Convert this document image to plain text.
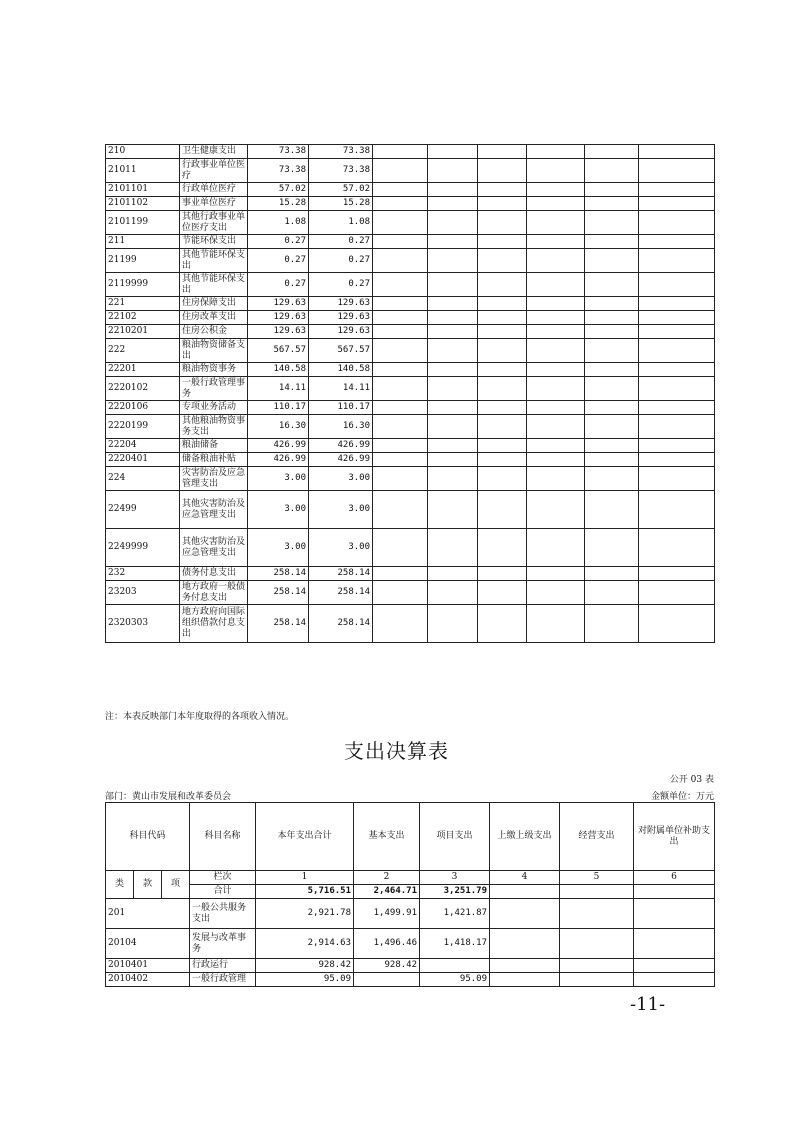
210	卫生健康支出	73.38	73.38						
21011	行政事业单位医疗	73.38	73.38						
2101101	行政单位医疗	57.02	57.02						
2101102	事业单位医疗	15.28	15.28						
2101199	其他行政事业单位医疗支出	1.08	1.08						
211	节能环保支出	0.27	0.27						
21199	其他节能环保支出	0.27	0.27						
2119999	其他节能环保支出	0.27	0.27						
221	住房保障支出	129.63	129.63						
22102	住房改革支出	129.63	129.63						
2210201	住房公积金	129.63	129.63						
222	粮油物资储备支出	567.57	567.57						
22201	粮油物资事务	140.58	140.58						
2220102	一般行政管理事务	14.11	14.11						
2220106	专项业务活动	110.17	110.17						
2220199	其他粮油物资事务支出	16.30	16.30						
22204	粮油储备	426.99	426.99						
2220401	储备粮油补贴	426.99	426.99						
224	灾害防治及应急管理支出	3.00	3.00						
22499	其他灾害防治及应急管理支出	3.00	3.00						
2249999	其他灾害防治及应急管理支出	3.00	3.00						
232	债务付息支出	258.14	258.14						
23203	地方政府一般债务付息支出	258.14	258.14						
2320303	地方政府向国际组织借款付息支出	258.14	258.14						
注：本表反映部门本年度取得的各项收入情况。
支出决算表
公开 03 表
部门：黄山市发展和改革委员会	金额单位：万元
科目代码			科目名称	本年支出合计	基本支出	项目支出	上缴上级支出	经营支出	对附属单位补助支出
类	款	项	栏次	1	2	3	4	5	6
			合计	5,716.51	2,464.71	3,251.79			
201			一般公共服务支出	2,921.78	1,499.91	1,421.87			
20104			发展与改革事务	2,914.63	1,496.46	1,418.17			
2010401			行政运行	928.42	928.42				
2010402			一般行政管理	95.09		95.09			
-11-
